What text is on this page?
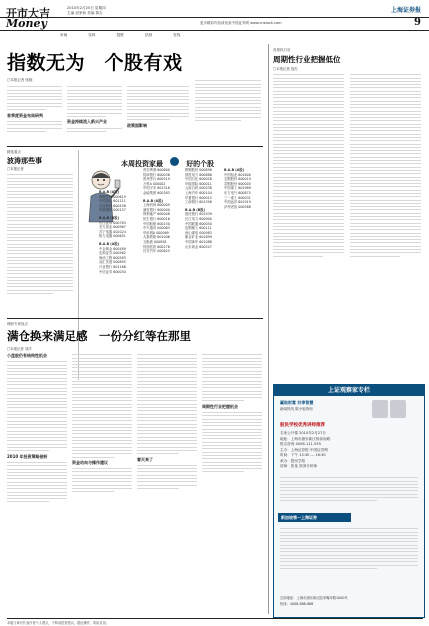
开市大吉	2010年2月25日 星期四
主编 邱家和 美编 陈吉	上海证券报
Money
市场	实体	投资	法治	在线
更多精彩内容请登录中国证券网 www.cnstock.com	9
指数无为　个股有戏
□本报记者 张晓
首季度资金布局研判
资金持续流入新兴产业
政策面影响
精选看点
波涛那些事
□本报记者
本周投资家最	好的个股
B.A.B (A股)
海螺型材 000619
中国国航 601111
宝钛股份 600456
中联重科 000157
B.A.B (B股)
长江证券 000783
北方创业 600967
苏宁电器 002024
格力电器 000651
B.A.B (A股)
中金黄金 600489
宏源证券 000562
海油工程 600583
双汇发展 000895
兴业银行 601166
中信证券 600030
青岛啤酒 600600
招商银行 600036
贵州茅台 600519
万科A 000002
中国平安 601318
金地集团 600383
B.A.B (A股)
上海机场 600009
浦发银行 600000
保利地产 600048
民生银行 600016
中国船舶 600150
中兴通讯 000063
华侨城A 000069
大秦铁路 601006
五粮液 000858
恒瑞医药 600276
长安汽车 000625
鞍钢股份 000898
国投电力 600886
中国石化 600028
华能国际 600011
云南白药 000538
上海汽车 600104
华夏银行 600015
工商银行 601398
B.A.B (B股)
建设银行 601939
长江电力 600900
中国联通 600050
包钢稀土 600111
西山煤电 000983
紫金矿业 601899
中国神华 601088
山东黄金 600547
B.A.B (A股)
中国铝业 601600
宝钢股份 600019
武钢股份 600005
中国重工 601989
东方电气 600875
三一重工 600031
中国远洋 601919
泸州老窖 000568
理财专家视点
满仓换来满足感　一份分红等在那里
□本报记者 刘洋
小盘股仍有结构性机会
2010 年投资策略剖析
资金动向与操作建议
春天来了
周期性行业把握机会
首席执行官
周期性行业把握低位
□本报记者 钱杰
上证观察家专栏
赢取财富 共享智慧
新闻热线 陈小姐咨询
股民学校优秀讲师推荐
名家公开课 2010年2月27日
地址：上海市浦东新区杨高南路
报名咨询 4006-111-555
主办：上海证券报·中国证券网
时间：下午 13:30 — 16:30
承办：股民学校
讲师：张某 资深分析师
新加坡第一上海证券
总部地址：上海市浦东新区陆家嘴环路1000号
热线：4008-888-888
本版文章仅代表作者个人观点，不构成投资建议。据此操作，风险自担。
